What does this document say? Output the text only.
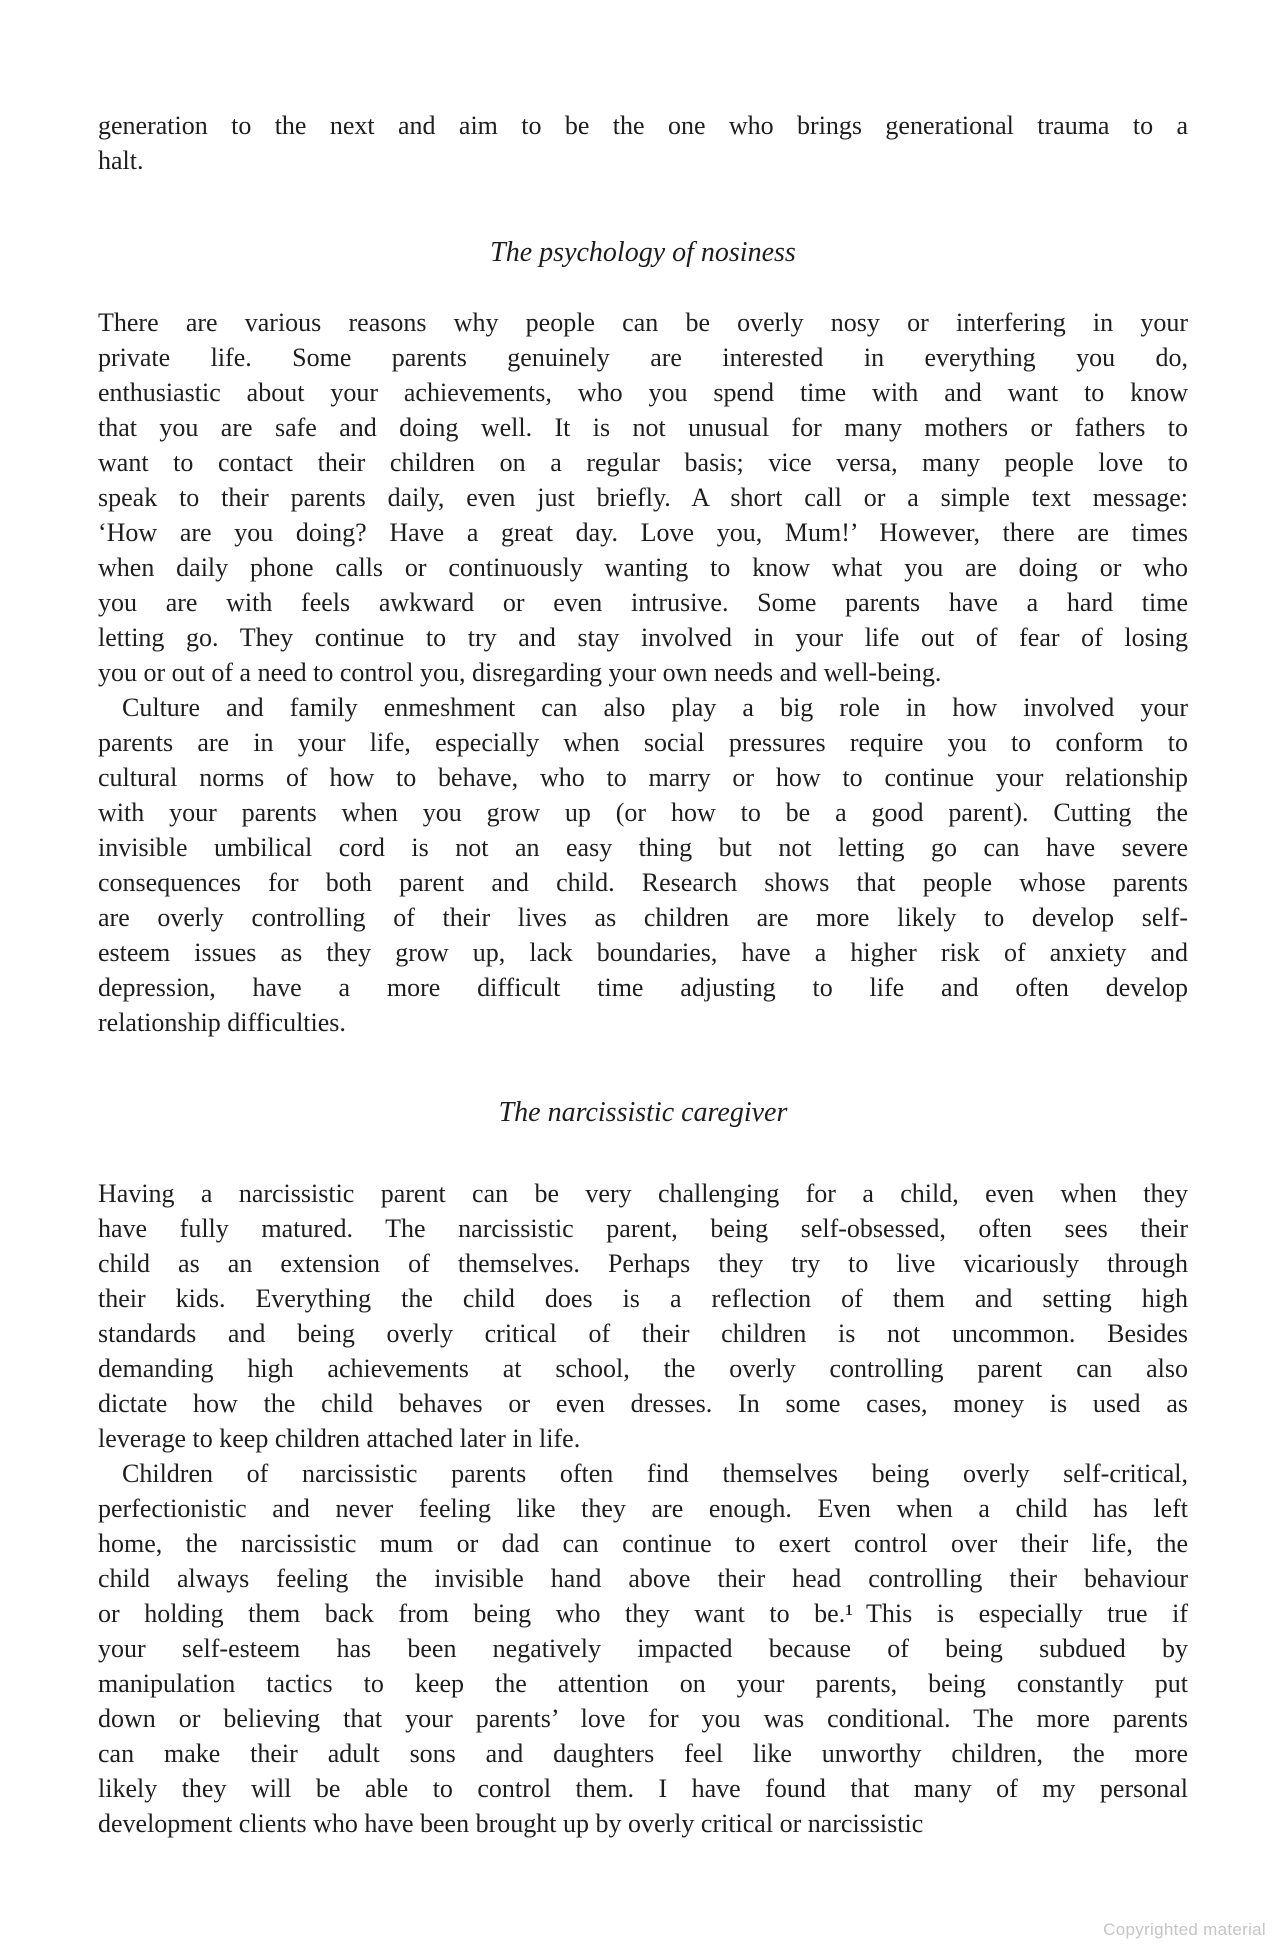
generation to the next and aim to be the one who brings generational trauma to a
halt.
The psychology of nosiness
There are various reasons why people can be overly nosy or interfering in your
private life. Some parents genuinely are interested in everything you do,
enthusiastic about your achievements, who you spend time with and want to know
that you are safe and doing well. It is not unusual for many mothers or fathers to
want to contact their children on a regular basis; vice versa, many people love to
speak to their parents daily, even just briefly. A short call or a simple text message:
‘How are you doing? Have a great day. Love you, Mum!’ However, there are times
when daily phone calls or continuously wanting to know what you are doing or who
you are with feels awkward or even intrusive. Some parents have a hard time
letting go. They continue to try and stay involved in your life out of fear of losing
you or out of a need to control you, disregarding your own needs and well-being.
Culture and family enmeshment can also play a big role in how involved your
parents are in your life, especially when social pressures require you to conform to
cultural norms of how to behave, who to marry or how to continue your relationship
with your parents when you grow up (or how to be a good parent). Cutting the
invisible umbilical cord is not an easy thing but not letting go can have severe
consequences for both parent and child. Research shows that people whose parents
are overly controlling of their lives as children are more likely to develop self-
esteem issues as they grow up, lack boundaries, have a higher risk of anxiety and
depression, have a more difficult time adjusting to life and often develop
relationship difficulties.
The narcissistic caregiver
Having a narcissistic parent can be very challenging for a child, even when they
have fully matured. The narcissistic parent, being self-obsessed, often sees their
child as an extension of themselves. Perhaps they try to live vicariously through
their kids. Everything the child does is a reflection of them and setting high
standards and being overly critical of their children is not uncommon. Besides
demanding high achievements at school, the overly controlling parent can also
dictate how the child behaves or even dresses. In some cases, money is used as
leverage to keep children attached later in life.
Children of narcissistic parents often find themselves being overly self-critical,
perfectionistic and never feeling like they are enough. Even when a child has left
home, the narcissistic mum or dad can continue to exert control over their life, the
child always feeling the invisible hand above their head controlling their behaviour
or holding them back from being who they want to be.¹ This is especially true if
your self-esteem has been negatively impacted because of being subdued by
manipulation tactics to keep the attention on your parents, being constantly put
down or believing that your parents’ love for you was conditional. The more parents
can make their adult sons and daughters feel like unworthy children, the more
likely they will be able to control them. I have found that many of my personal
development clients who have been brought up by overly critical or narcissistic
Copyrighted material
